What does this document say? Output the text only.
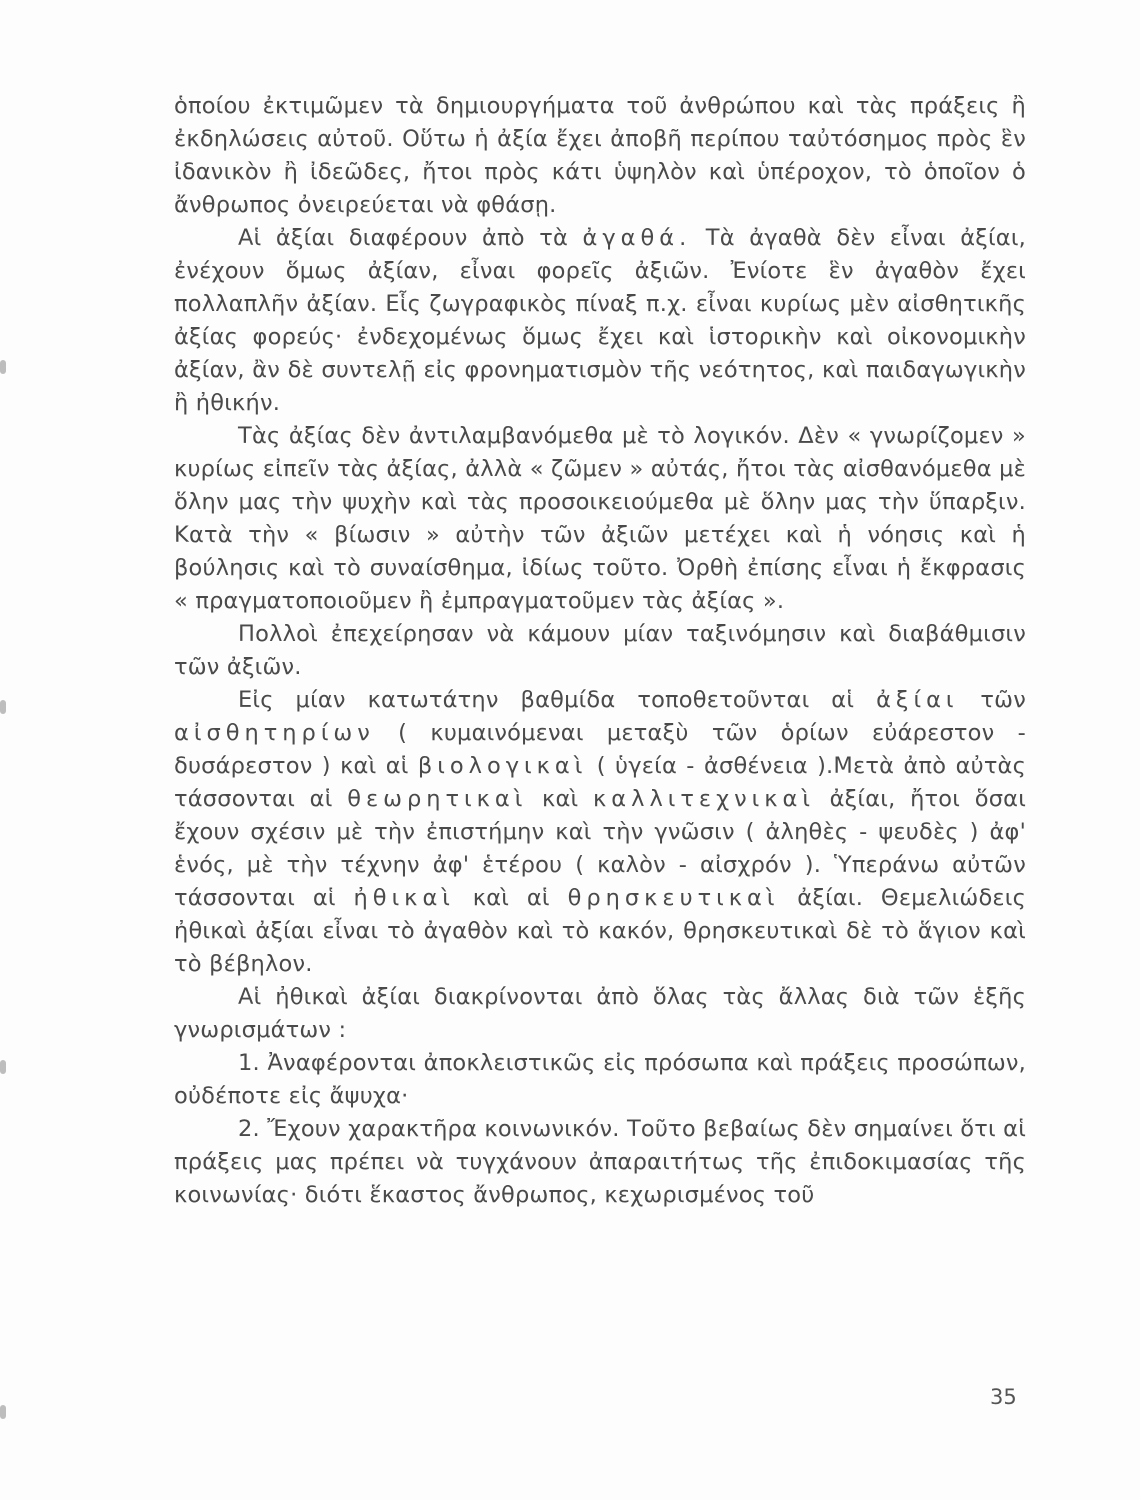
ὁποίου ἐκτιμῶμεν τὰ δημιουργήματα τοῦ ἀνθρώπου καὶ τὰς πράξεις ἢ ἐκδηλώσεις αὐτοῦ. Οὕτω ἡ ἀξία ἔχει ἀποβῆ περίπου ταὐτόσημος πρὸς ἓν ἰδανικὸν ἢ ἰδεῶδες, ἤτοι πρὸς κάτι ὑψηλὸν καὶ ὑπέροχον, τὸ ὁποῖον ὁ ἄνθρωπος ὀνειρεύεται νὰ φθάσῃ.

Αἱ ἀξίαι διαφέρουν ἀπὸ τὰ ἀγαθά. Τὰ ἀγαθὰ δὲν εἶναι ἀξίαι, ἐνέχουν ὅμως ἀξίαν, εἶναι φορεῖς ἀξιῶν. Ἐνίοτε ἓν ἀγαθὸν ἔχει πολλαπλῆν ἀξίαν. Εἷς ζωγραφικὸς πίναξ π.χ. εἶναι κυρίως μὲν αἰσθητικῆς ἀξίας φορεύς· ἐνδεχομένως ὅμως ἔχει καὶ ἱστορικὴν καὶ οἰκονομικὴν ἀξίαν, ἂν δὲ συντελῇ εἰς φρονηματισμὸν τῆς νεότητος, καὶ παιδαγωγικὴν ἢ ἠθικήν.

Τὰς ἀξίας δὲν ἀντιλαμβανόμεθα μὲ τὸ λογικόν. Δὲν « γνωρίζομεν » κυρίως εἰπεῖν τὰς ἀξίας, ἀλλὰ « ζῶμεν » αὐτάς, ἤτοι τὰς αἰσθανόμεθα μὲ ὅλην μας τὴν ψυχὴν καὶ τὰς προσοικειούμεθα μὲ ὅλην μας τὴν ὕπαρξιν. Κατὰ τὴν « βίωσιν » αὐτὴν τῶν ἀξιῶν μετέχει καὶ ἡ νόησις καὶ ἡ βούλησις καὶ τὸ συναίσθημα, ἰδίως τοῦτο. Ὀρθὴ ἐπίσης εἶναι ἡ ἔκφρασις « πραγματοποιοῦμεν ἢ ἐμπραγματοῦμεν τὰς ἀξίας ».

Πολλοὶ ἐπεχείρησαν νὰ κάμουν μίαν ταξινόμησιν καὶ διαβάθμισιν τῶν ἀξιῶν.

Εἰς μίαν κατωτάτην βαθμίδα τοποθετοῦνται αἱ ἀξίαι τῶν αἰσθητηρίων ( κυμαινόμεναι μεταξὺ τῶν ὁρίων εὐάρεστον - δυσάρεστον ) καὶ αἱ βιολογικαὶ ( ὑγεία - ἀσθένεια ).Μετὰ ἀπὸ αὐτὰς τάσσονται αἱ θεωρητικαὶ καὶ καλλιτεχνικαὶ ἀξίαι, ἤτοι ὅσαι ἔχουν σχέσιν μὲ τὴν ἐπιστήμην καὶ τὴν γνῶσιν ( ἀληθὲς - ψευδὲς ) ἀφ' ἑνός, μὲ τὴν τέχνην ἀφ' ἑτέρου ( καλὸν - αἰσχρόν ). Ὑπεράνω αὐτῶν τάσσονται αἱ ἠθικαὶ καὶ αἱ θρησκευτικαὶ ἀξίαι. Θεμελιώδεις ἠθικαὶ ἀξίαι εἶναι τὸ ἀγαθὸν καὶ τὸ κακόν, θρησκευτικαὶ δὲ τὸ ἅγιον καὶ τὸ βέβηλον.

Αἱ ἠθικαὶ ἀξίαι διακρίνονται ἀπὸ ὅλας τὰς ἄλλας διὰ τῶν ἑξῆς γνωρισμάτων :

1. Ἀναφέρονται ἀποκλειστικῶς εἰς πρόσωπα καὶ πράξεις προσώπων, οὐδέποτε εἰς ἄψυχα·

2. Ἔχουν χαρακτῆρα κοινωνικόν. Τοῦτο βεβαίως δὲν σημαίνει ὅτι αἱ πράξεις μας πρέπει νὰ τυγχάνουν ἀπαραιτήτως τῆς ἐπιδοκιμασίας τῆς κοινωνίας· διότι ἕκαστος ἄνθρωπος, κεχωρισμένος τοῦ

35
